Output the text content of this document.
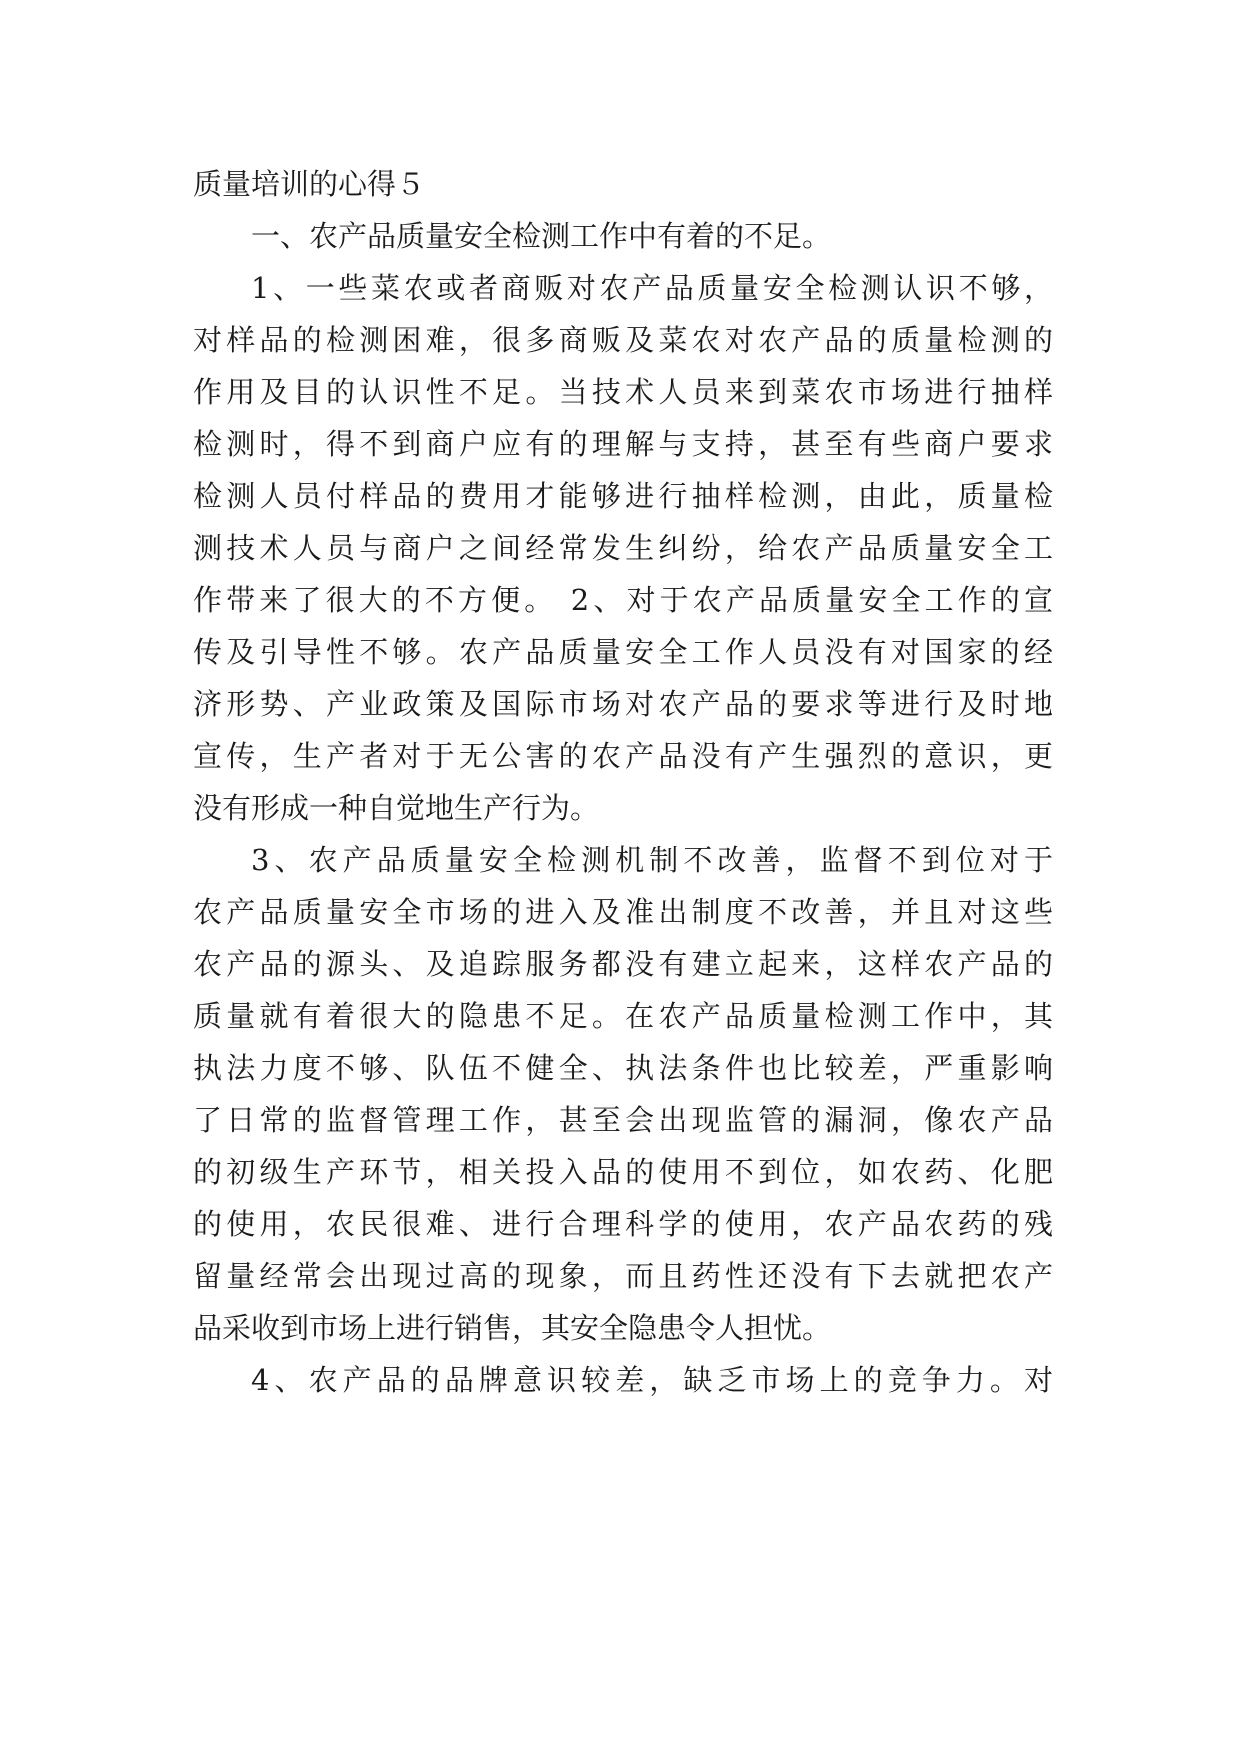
质量培训的心得５
一、农产品质量安全检测工作中有着的不足。
1、一些菜农或者商贩对农产品质量安全检测认识不够，
对样品的检测困难，很多商贩及菜农对农产品的质量检测的
作用及目的认识性不足。当技术人员来到菜农市场进行抽样
检测时，得不到商户应有的理解与支持，甚至有些商户要求
检测人员付样品的费用才能够进行抽样检测，由此，质量检
测技术人员与商户之间经常发生纠纷，给农产品质量安全工
作带来了很大的不方便。 2、对于农产品质量安全工作的宣
传及引导性不够。农产品质量安全工作人员没有对国家的经
济形势、产业政策及国际市场对农产品的要求等进行及时地
宣传，生产者对于无公害的农产品没有产生强烈的意识，更
没有形成一种自觉地生产行为。
3、农产品质量安全检测机制不改善，监督不到位对于
农产品质量安全市场的进入及准出制度不改善，并且对这些
农产品的源头、及追踪服务都没有建立起来，这样农产品的
质量就有着很大的隐患不足。在农产品质量检测工作中，其
执法力度不够、队伍不健全、执法条件也比较差，严重影响
了日常的监督管理工作，甚至会出现监管的漏洞，像农产品
的初级生产环节，相关投入品的使用不到位，如农药、化肥
的使用，农民很难、进行合理科学的使用，农产品农药的残
留量经常会出现过高的现象，而且药性还没有下去就把农产
品采收到市场上进行销售，其安全隐患令人担忧。
4、农产品的品牌意识较差，缺乏市场上的竞争力。对
